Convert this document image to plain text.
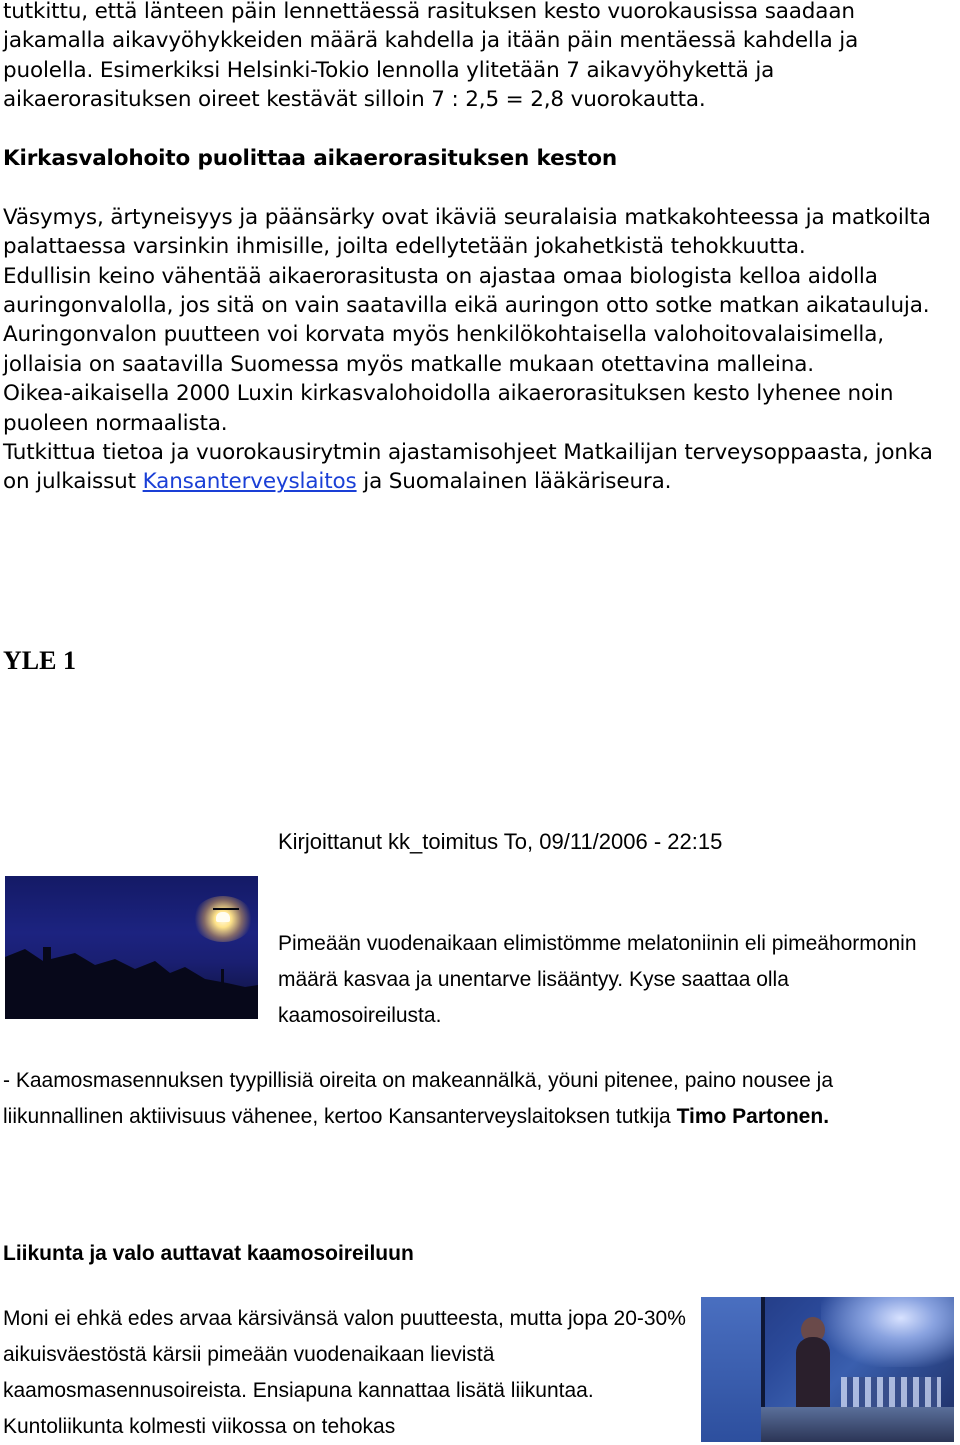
tutkittu, että länteen päin lennettäessä rasituksen kesto vuorokausissa saadaan jakamalla aikavyöhykkeiden määrä kahdella ja itään päin mentäessä kahdella ja puolella. Esimerkiksi Helsinki-Tokio lennolla ylitetään 7 aikavyöhykettä ja aikaerorasituksen oireet kestävät silloin 7 : 2,5 = 2,8 vuorokautta.

Kirkasvalohoito puolittaa aikaerorasituksen keston

Väsymys, ärtyneisyys ja päänsärky ovat ikäviä seuralaisia matkakohteessa ja matkoilta palattaessa varsinkin ihmisille, joilta edellytetään jokahetkistä tehokkuutta.

Edullisin keino vähentää aikaerorasitusta on ajastaa omaa biologista kelloa aidolla auringonvalolla, jos sitä on vain saatavilla eikä auringon otto sotke matkan aikatauluja.

Auringonvalon puutteen voi korvata myös henkilökohtaisella valohoitovalaisimella, jollaisia on saatavilla Suomessa myös matkalle mukaan otettavina malleina.

Oikea-aikaisella 2000 Luxin kirkasvalohoidolla aikaerorasituksen kesto lyhenee noin puoleen normaalista.

Tutkittua tietoa ja vuorokausirytmin ajastamisohjeet Matkailijan terveysoppaasta, jonka on julkaissut Kansanterveyslaitos ja Suomalainen lääkäriseura.

YLE 1

Kirjoittanut kk_toimitus To, 09/11/2006 - 22:15

Pimeään vuodenaikaan elimistömme melatoniinin eli pimeähormonin määrä kasvaa ja unentarve lisääntyy. Kyse saattaa olla kaamosoireilusta.

- Kaamosmasennuksen tyypillisiä oireita on makeannälkä, yöuni pitenee, paino nousee ja liikunnallinen aktiivisuus vähenee, kertoo Kansanterveyslaitoksen tutkija Timo Partonen.

Liikunta ja valo auttavat kaamosoireiluun

Moni ei ehkä edes arvaa kärsivänsä valon puutteesta, mutta jopa 20-30% aikuisväestöstä kärsii pimeään vuodenaikaan lievistä kaamosmasennusoireista. Ensiapuna kannattaa lisätä liikuntaa. Kuntoliikunta kolmesti viikossa on tehokas
